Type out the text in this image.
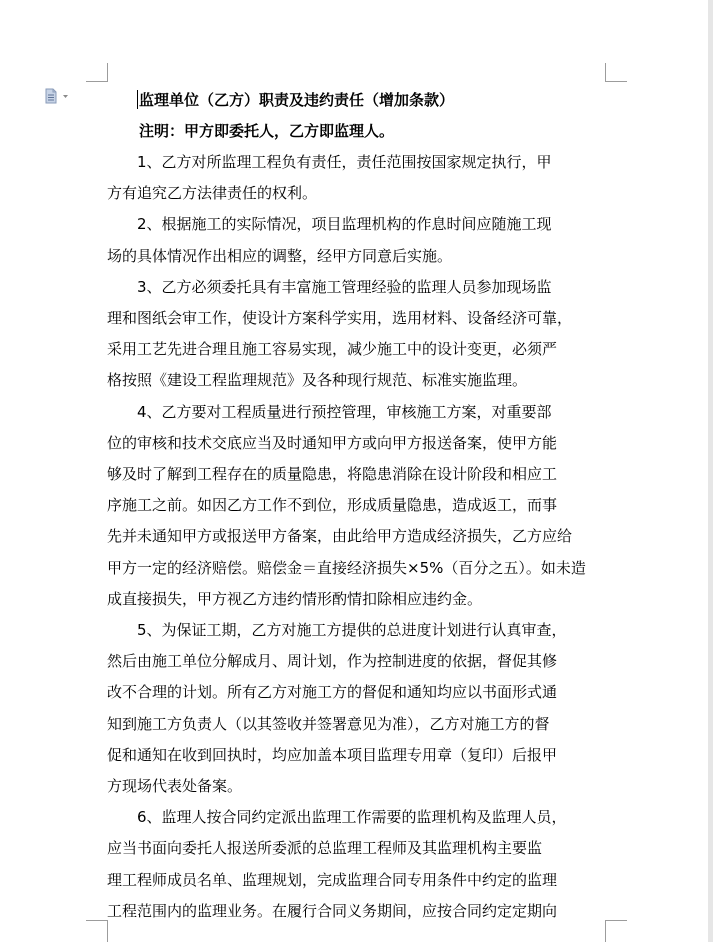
监理单位（乙方）职责及违约责任（增加条款）
注明：甲方即委托人，乙方即监理人。
1、乙方对所监理工程负有责任，责任范围按国家规定执行，甲
方有追究乙方法律责任的权利。
2、根据施工的实际情况，项目监理机构的作息时间应随施工现
场的具体情况作出相应的调整，经甲方同意后实施。
3、乙方必须委托具有丰富施工管理经验的监理人员参加现场监
理和图纸会审工作，使设计方案科学实用，选用材料、设备经济可靠，
采用工艺先进合理且施工容易实现，减少施工中的设计变更，必须严
格按照《建设工程监理规范》及各种现行规范、标准实施监理。
4、乙方要对工程质量进行预控管理，审核施工方案，对重要部
位的审核和技术交底应当及时通知甲方或向甲方报送备案，使甲方能
够及时了解到工程存在的质量隐患，将隐患消除在设计阶段和相应工
序施工之前。如因乙方工作不到位，形成质量隐患，造成返工，而事
先并未通知甲方或报送甲方备案，由此给甲方造成经济损失，乙方应给
甲方一定的经济赔偿。赔偿金＝直接经济损失×5%（百分之五）。如未造
成直接损失，甲方视乙方违约情形酌情扣除相应违约金。
5、为保证工期，乙方对施工方提供的总进度计划进行认真审查，
然后由施工单位分解成月、周计划，作为控制进度的依据，督促其修
改不合理的计划。所有乙方对施工方的督促和通知均应以书面形式通
知到施工方负责人（以其签收并签署意见为准），乙方对施工方的督
促和通知在收到回执时，均应加盖本项目监理专用章（复印）后报甲
方现场代表处备案。
6、监理人按合同约定派出监理工作需要的监理机构及监理人员，
应当书面向委托人报送所委派的总监理工程师及其监理机构主要监
理工程师成员名单、监理规划，完成监理合同专用条件中约定的监理
工程范围内的监理业务。在履行合同义务期间，应按合同约定定期向
